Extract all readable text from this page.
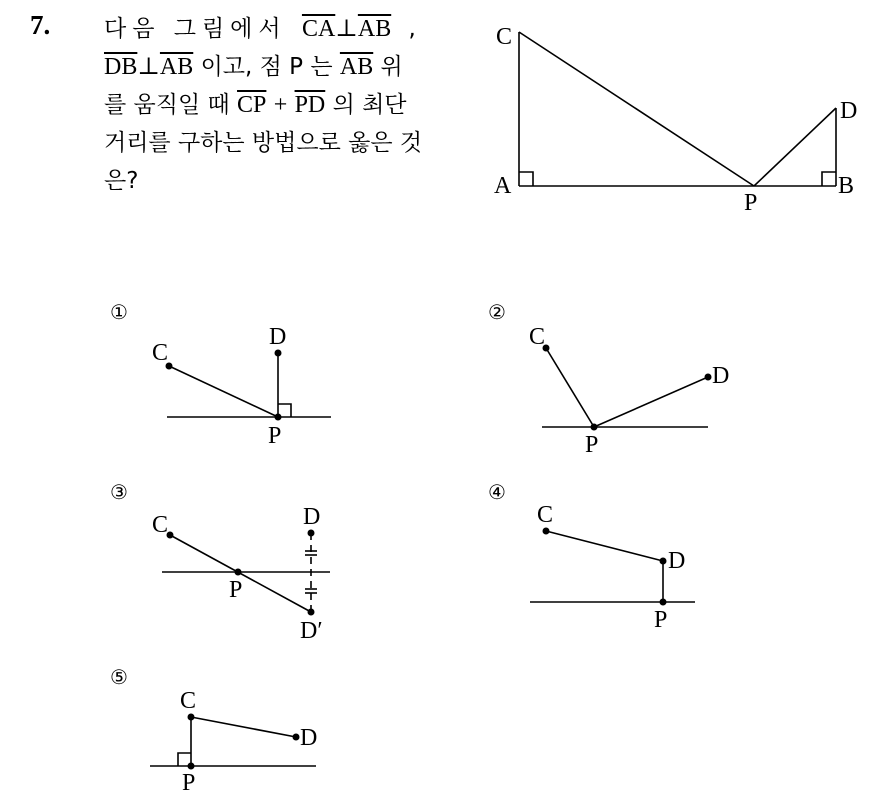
7. 다음 그림에서 $\overline{CA}\perp\overline{AB}$ ,
$\overline{DB}\perp\overline{AB}$ 이고, 점 P 는 $\overline{AB}$ 위
를 움직일 때 $\overline{CP} + \overline{PD}$ 의 최단
거리를 구하는 방법으로 옳은 것
은?
C
A
P
B
D
①
C
D
P
②
C
D
P
③
C	D
P
D′
④
C
D
P
⑤
C
D
P
